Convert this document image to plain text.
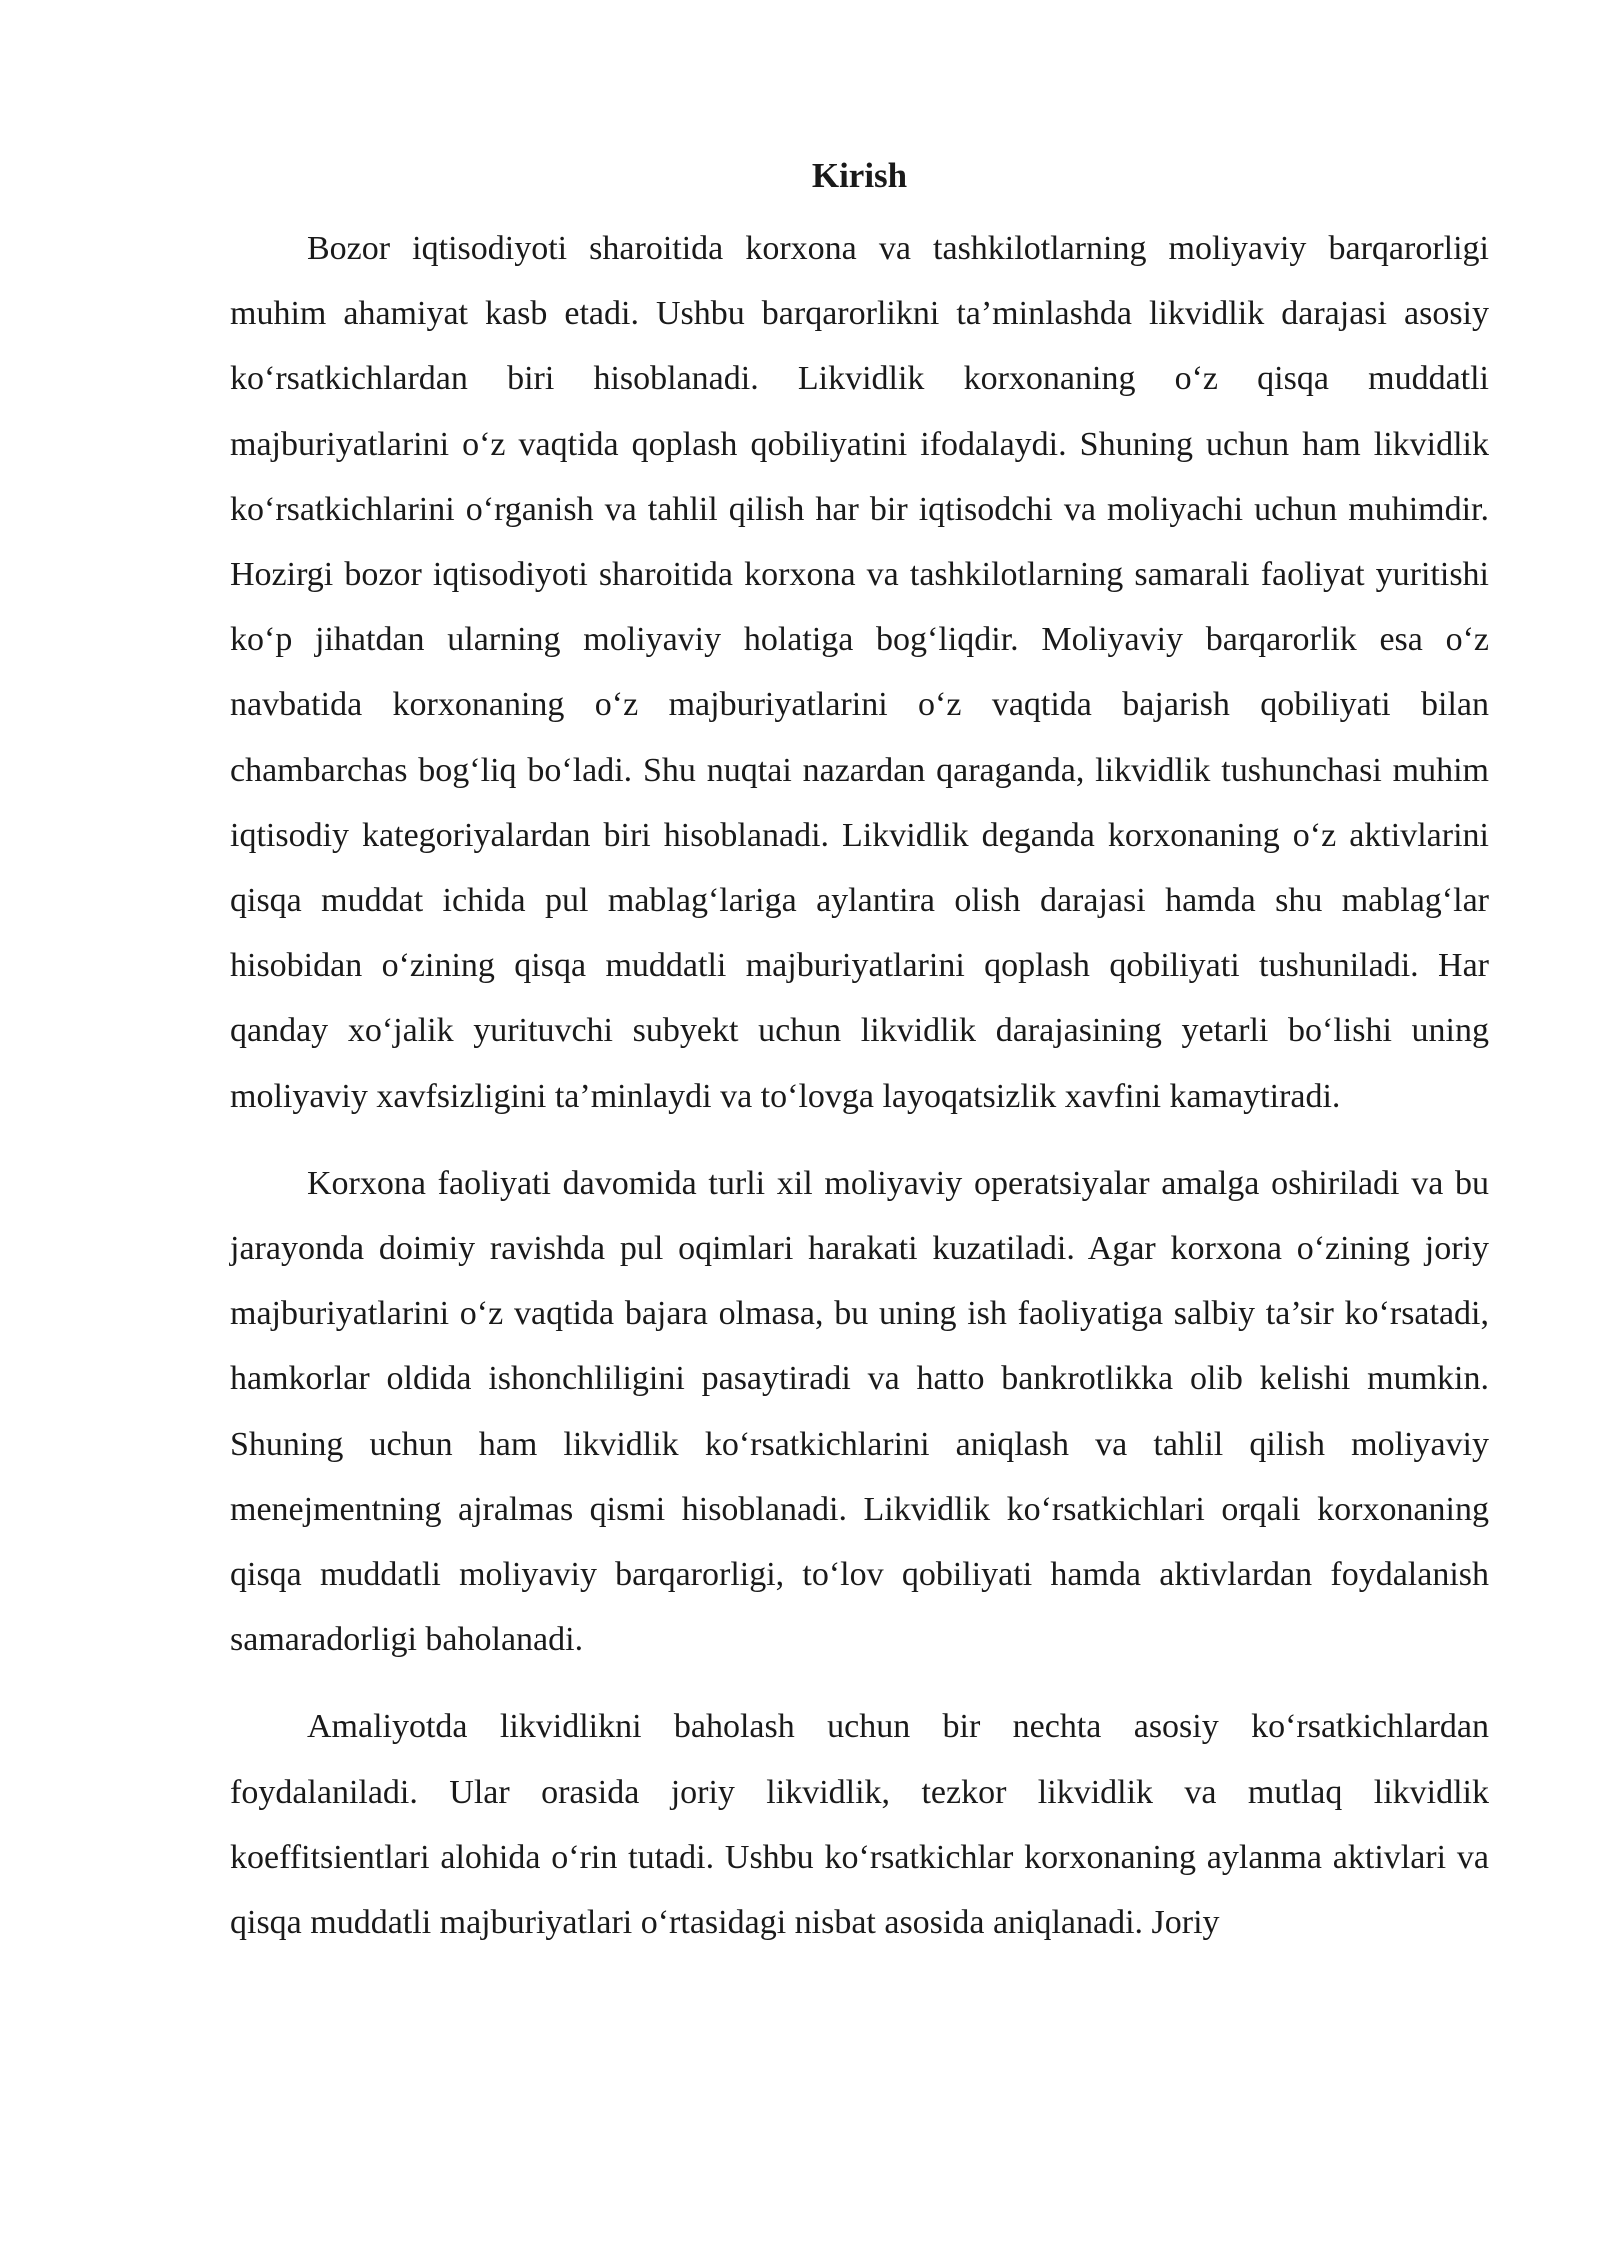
Kirish

Bozor iqtisodiyoti sharoitida korxona va tashkilotlarning moliyaviy barqarorligi muhim ahamiyat kasb etadi. Ushbu barqarorlikni ta’minlashda likvidlik darajasi asosiy ko‘rsatkichlardan biri hisoblanadi. Likvidlik korxonaning o‘z qisqa muddatli majburiyatlarini o‘z vaqtida qoplash qobiliyatini ifodalaydi. Shuning uchun ham likvidlik ko‘rsatkichlarini o‘rganish va tahlil qilish har bir iqtisodchi va moliyachi uchun muhimdir. Hozirgi bozor iqtisodiyoti sharoitida korxona va tashkilotlarning samarali faoliyat yuritishi ko‘p jihatdan ularning moliyaviy holatiga bog‘liqdir. Moliyaviy barqarorlik esa o‘z navbatida korxonaning o‘z majburiyatlarini o‘z vaqtida bajarish qobiliyati bilan chambarchas bog‘liq bo‘ladi. Shu nuqtai nazardan qaraganda, likvidlik tushunchasi muhim iqtisodiy kategoriyalardan biri hisoblanadi. Likvidlik deganda korxonaning o‘z aktivlarini qisqa muddat ichida pul mablag‘lariga aylantira olish darajasi hamda shu mablag‘lar hisobidan o‘zining qisqa muddatli majburiyatlarini qoplash qobiliyati tushuniladi. Har qanday xo‘jalik yurituvchi subyekt uchun likvidlik darajasining yetarli bo‘lishi uning moliyaviy xavfsizligini ta’minlaydi va to‘lovga layoqatsizlik xavfini kamaytiradi.

Korxona faoliyati davomida turli xil moliyaviy operatsiyalar amalga oshiriladi va bu jarayonda doimiy ravishda pul oqimlari harakati kuzatiladi. Agar korxona o‘zining joriy majburiyatlarini o‘z vaqtida bajara olmasa, bu uning ish faoliyatiga salbiy ta’sir ko‘rsatadi, hamkorlar oldida ishonchliligini pasaytiradi va hatto bankrotlikka olib kelishi mumkin. Shuning uchun ham likvidlik ko‘rsatkichlarini aniqlash va tahlil qilish moliyaviy menejmentning ajralmas qismi hisoblanadi. Likvidlik ko‘rsatkichlari orqali korxonaning qisqa muddatli moliyaviy barqarorligi, to‘lov qobiliyati hamda aktivlardan foydalanish samaradorligi baholanadi.

Amaliyotda likvidlikni baholash uchun bir nechta asosiy ko‘rsatkichlardan foydalaniladi. Ular orasida joriy likvidlik, tezkor likvidlik va mutlaq likvidlik koeffitsientlari alohida o‘rin tutadi. Ushbu ko‘rsatkichlar korxonaning aylanma aktivlari va qisqa muddatli majburiyatlari o‘rtasidagi nisbat asosida aniqlanadi. Joriy
